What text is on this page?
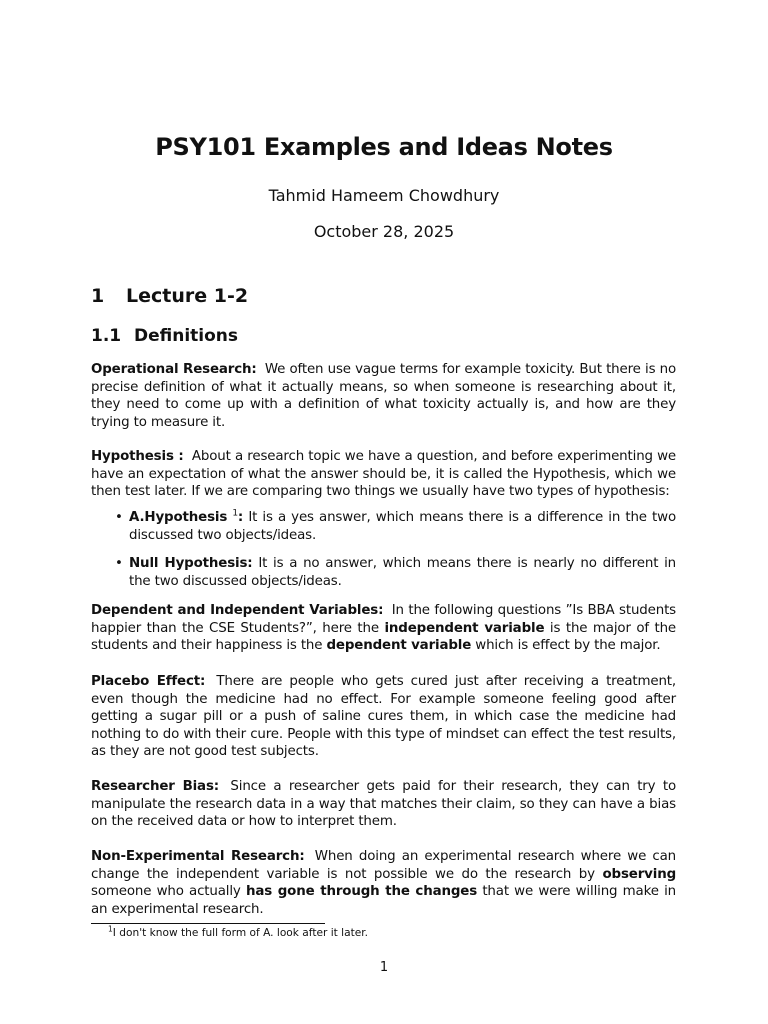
PSY101 Examples and Ideas Notes
Tahmid Hameem Chowdhury
October 28, 2025
1 Lecture 1-2
1.1 Definitions
Operational Research: We often use vague terms for example toxicity. But there is no precise definition of what it actually means, so when someone is researching about it, they need to come up with a definition of what toxicity actually is, and how are they trying to measure it.
Hypothesis : About a research topic we have a question, and before experimenting we have an expectation of what the answer should be, it is called the Hypothesis, which we then test later. If we are comparing two things we usually have two types of hypothesis:
• A.Hypothesis $^1$: It is a yes answer, which means there is a difference in the two discussed two objects/ideas.
• Null Hypothesis: It is a no answer, which means there is nearly no different in the two discussed objects/ideas.
Dependent and Independent Variables: In the following questions ”Is BBA students happier than the CSE Students?”, here the independent variable is the major of the students and their happiness is the dependent variable which is effect by the major.
Placebo Effect: There are people who gets cured just after receiving a treatment, even though the medicine had no effect. For example someone feeling good after getting a sugar pill or a push of saline cures them, in which case the medicine had nothing to do with their cure. People with this type of mindset can effect the test results, as they are not good test subjects.
Researcher Bias: Since a researcher gets paid for their research, they can try to manipulate the research data in a way that matches their claim, so they can have a bias on the received data or how to interpret them.
Non-Experimental Research: When doing an experimental research where we can change the independent variable is not possible we do the research by observing someone who actually has gone through the changes that we were willing make in an experimental research.
$^1$I don't know the full form of A. look after it later.
1
